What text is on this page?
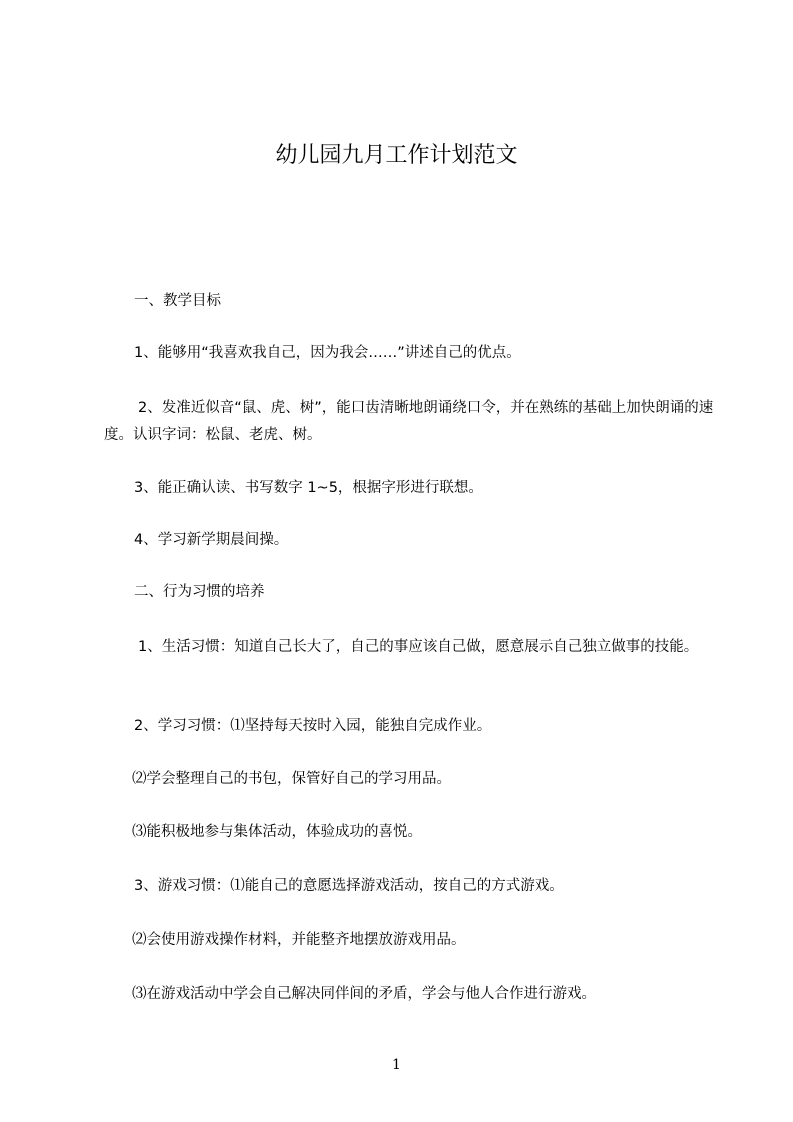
幼儿园九月工作计划范文

一、教学目标

1、能够用“我喜欢我自己，因为我会……”讲述自己的优点。

2、发准近似音“鼠、虎、树”，能口齿清晰地朗诵绕口令，并在熟练的基础上加快朗诵的速度。认识字词：松鼠、老虎、树。

3、能正确认读、书写数字 1~5，根据字形进行联想。

4、学习新学期晨间操。

二、行为习惯的培养

1、生活习惯：知道自己长大了，自己的事应该自己做，愿意展示自己独立做事的技能。

2、学习习惯：⑴坚持每天按时入园，能独自完成作业。

⑵学会整理自己的书包，保管好自己的学习用品。

⑶能积极地参与集体活动，体验成功的喜悦。

3、游戏习惯：⑴能自己的意愿选择游戏活动，按自己的方式游戏。

⑵会使用游戏操作材料，并能整齐地摆放游戏用品。

⑶在游戏活动中学会自己解决同伴间的矛盾，学会与他人合作进行游戏。

1
